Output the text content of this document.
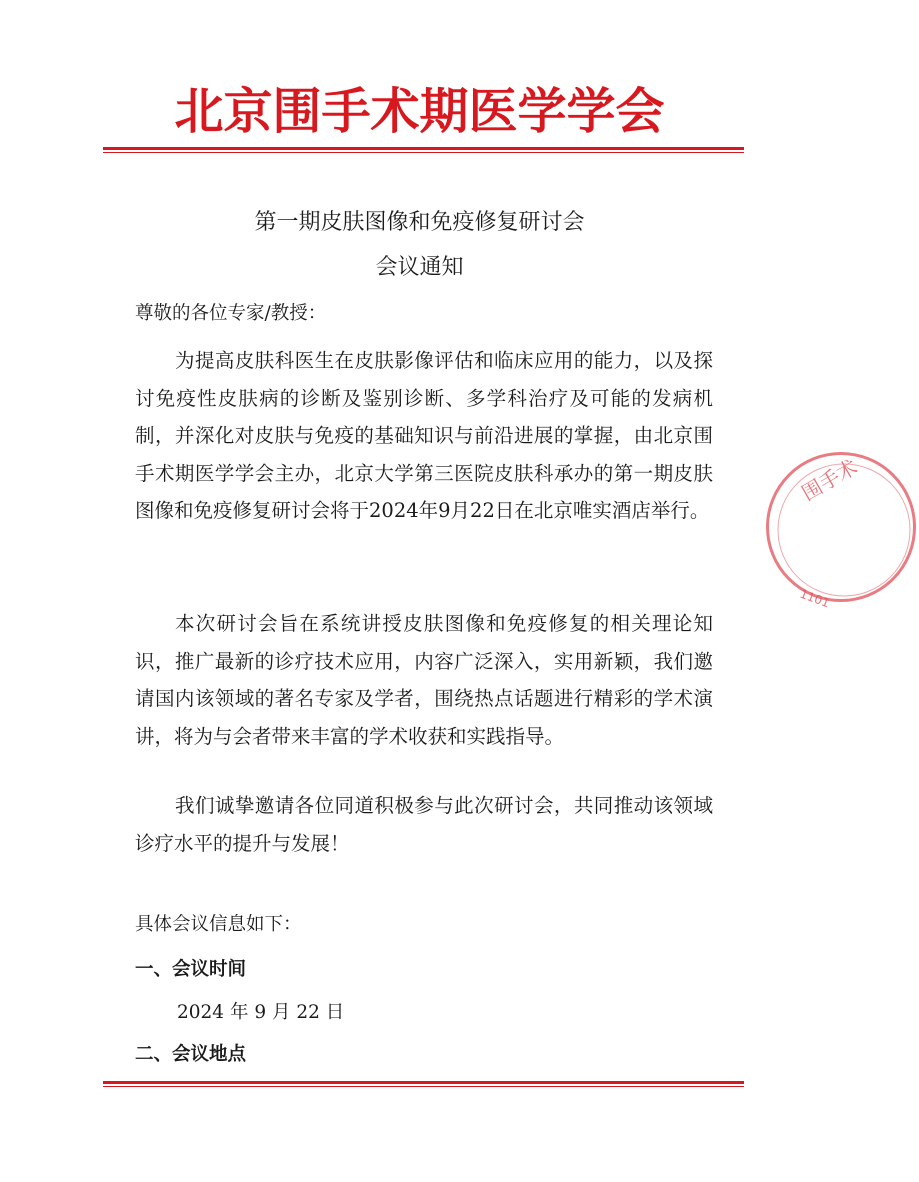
北京围手术期医学学会
第一期皮肤图像和免疫修复研讨会
会议通知
尊敬的各位专家/教授：
为提高皮肤科医生在皮肤影像评估和临床应用的能力，以及探讨免疫性皮肤病的诊断及鉴别诊断、多学科治疗及可能的发病机制，并深化对皮肤与免疫的基础知识与前沿进展的掌握，由北京围手术期医学学会主办，北京大学第三医院皮肤科承办的第一期皮肤图像和免疫修复研讨会将于2024年9月22日在北京唯实酒店举行。
本次研讨会旨在系统讲授皮肤图像和免疫修复的相关理论知识，推广最新的诊疗技术应用，内容广泛深入，实用新颖，我们邀请国内该领域的著名专家及学者，围绕热点话题进行精彩的学术演讲，将为与会者带来丰富的学术收获和实践指导。
我们诚挚邀请各位同道积极参与此次研讨会，共同推动该领域诊疗水平的提升与发展！
具体会议信息如下：
一、会议时间
2024 年 9 月 22 日
二、会议地点
围手术
1101
